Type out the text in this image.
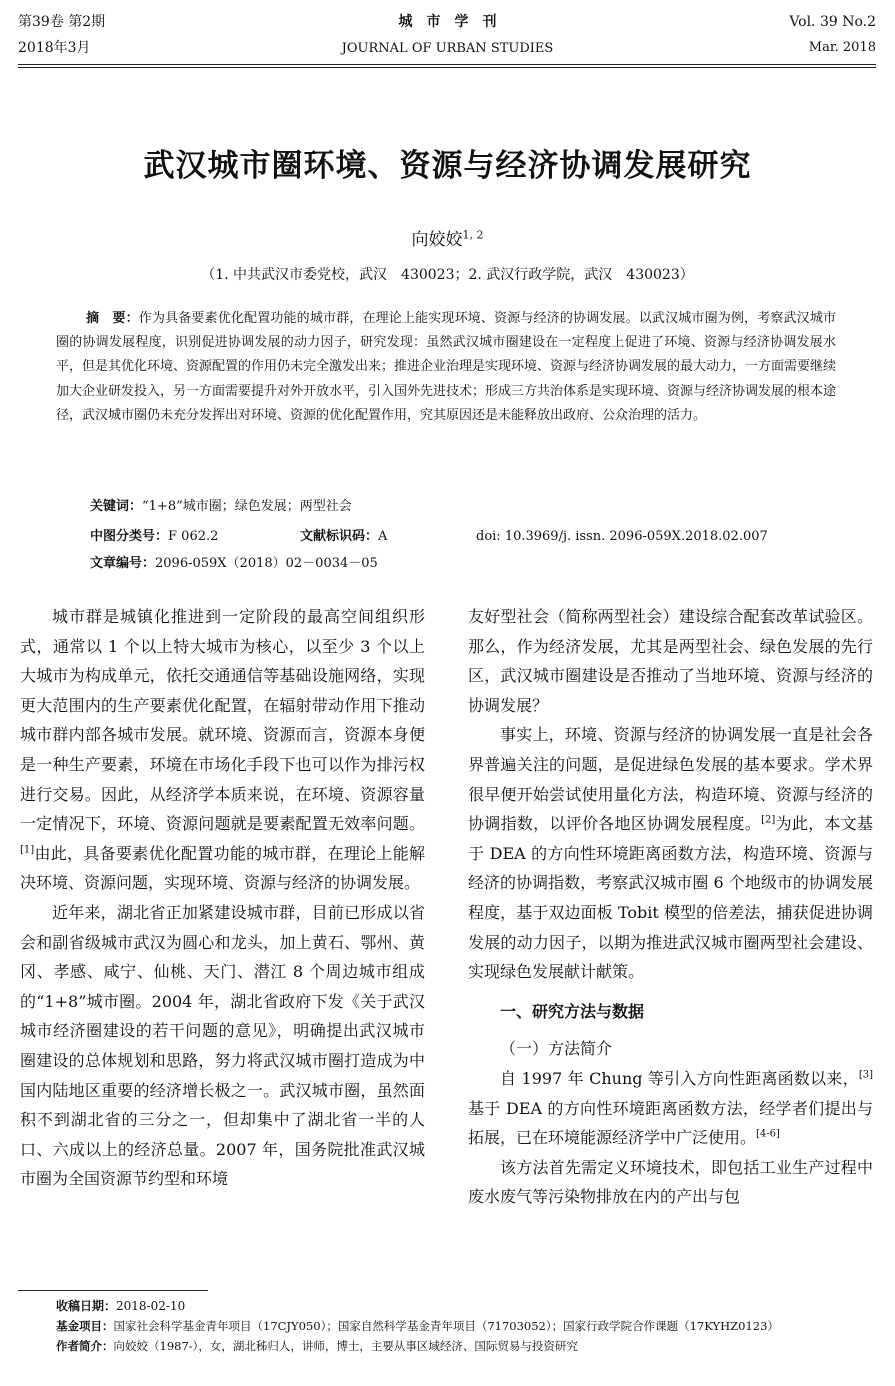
第39卷 第2期
2018年3月
城　市　学　刊
JOURNAL OF URBAN STUDIES
Vol. 39 No.2
Mar. 2018
武汉城市圈环境、资源与经济协调发展研究
向姣姣$^{1, 2}$
（1. 中共武汉市委党校，武汉　430023；2. 武汉行政学院，武汉　430023）
摘　要：作为具备要素优化配置功能的城市群，在理论上能实现环境、资源与经济的协调发展。以武汉城市圈为例，考察武汉城市圈的协调发展程度，识别促进协调发展的动力因子，研究发现：虽然武汉城市圈建设在一定程度上促进了环境、资源与经济协调发展水平，但是其优化环境、资源配置的作用仍未完全激发出来；推进企业治理是实现环境、资源与经济协调发展的最大动力，一方面需要继续加大企业研发投入，另一方面需要提升对外开放水平，引入国外先进技术；形成三方共治体系是实现环境、资源与经济协调发展的根本途径，武汉城市圈仍未充分发挥出对环境、资源的优化配置作用，究其原因还是未能释放出政府、公众治理的活力。
关键词：“1+8”城市圈；绿色发展；两型社会
中图分类号：F 062.2	文献标识码：A	doi: 10.3969/j. issn. 2096-059X.2018.02.007
文章编号：2096-059X（2018）02－0034－05

城市群是城镇化推进到一定阶段的最高空间组织形式，通常以 1 个以上特大城市为核心，以至少 3 个以上大城市为构成单元，依托交通通信等基础设施网络，实现更大范围内的生产要素优化配置，在辐射带动作用下推动城市群内部各城市发展。就环境、资源而言，资源本身便是一种生产要素，环境在市场化手段下也可以作为排污权进行交易。因此，从经济学本质来说，在环境、资源容量一定情况下，环境、资源问题就是要素配置无效率问题。[1]由此，具备要素优化配置功能的城市群，在理论上能解决环境、资源问题，实现环境、资源与经济的协调发展。

近年来，湖北省正加紧建设城市群，目前已形成以省会和副省级城市武汉为圆心和龙头，加上黄石、鄂州、黄冈、孝感、咸宁、仙桃、天门、潜江 8 个周边城市组成的“1+8”城市圈。2004 年，湖北省政府下发《关于武汉城市经济圈建设的若干问题的意见》，明确提出武汉城市圈建设的总体规划和思路，努力将武汉城市圈打造成为中国内陆地区重要的经济增长极之一。武汉城市圈，虽然面积不到湖北省的三分之一，但却集中了湖北省一半的人口、六成以上的经济总量。2007 年，国务院批准武汉城市圈为全国资源节约型和环境

友好型社会（简称两型社会）建设综合配套改革试验区。那么，作为经济发展，尤其是两型社会、绿色发展的先行区，武汉城市圈建设是否推动了当地环境、资源与经济的协调发展？

事实上，环境、资源与经济的协调发展一直是社会各界普遍关注的问题，是促进绿色发展的基本要求。学术界很早便开始尝试使用量化方法，构造环境、资源与经济的协调指数，以评价各地区协调发展程度。[2]为此，本文基于 DEA 的方向性环境距离函数方法，构造环境、资源与经济的协调指数，考察武汉城市圈 6 个地级市的协调发展程度，基于双边面板 Tobit 模型的倍差法，捕获促进协调发展的动力因子，以期为推进武汉城市圈两型社会建设、实现绿色发展献计献策。

一、研究方法与数据
（一）方法简介

自 1997 年 Chung 等引入方向性距离函数以来，[3]基于 DEA 的方向性环境距离函数方法，经学者们提出与拓展，已在环境能源经济学中广泛使用。[4-6]

该方法首先需定义环境技术，即包括工业生产过程中废水废气等污染物排放在内的产出与包

收稿日期：2018-02-10
基金项目：国家社会科学基金青年项目（17CJY050）；国家自然科学基金青年项目（71703052）；国家行政学院合作课题（17KYHZ0123）
作者简介：向姣姣（1987-），女，湖北秭归人，讲师，博士，主要从事区域经济、国际贸易与投资研究
